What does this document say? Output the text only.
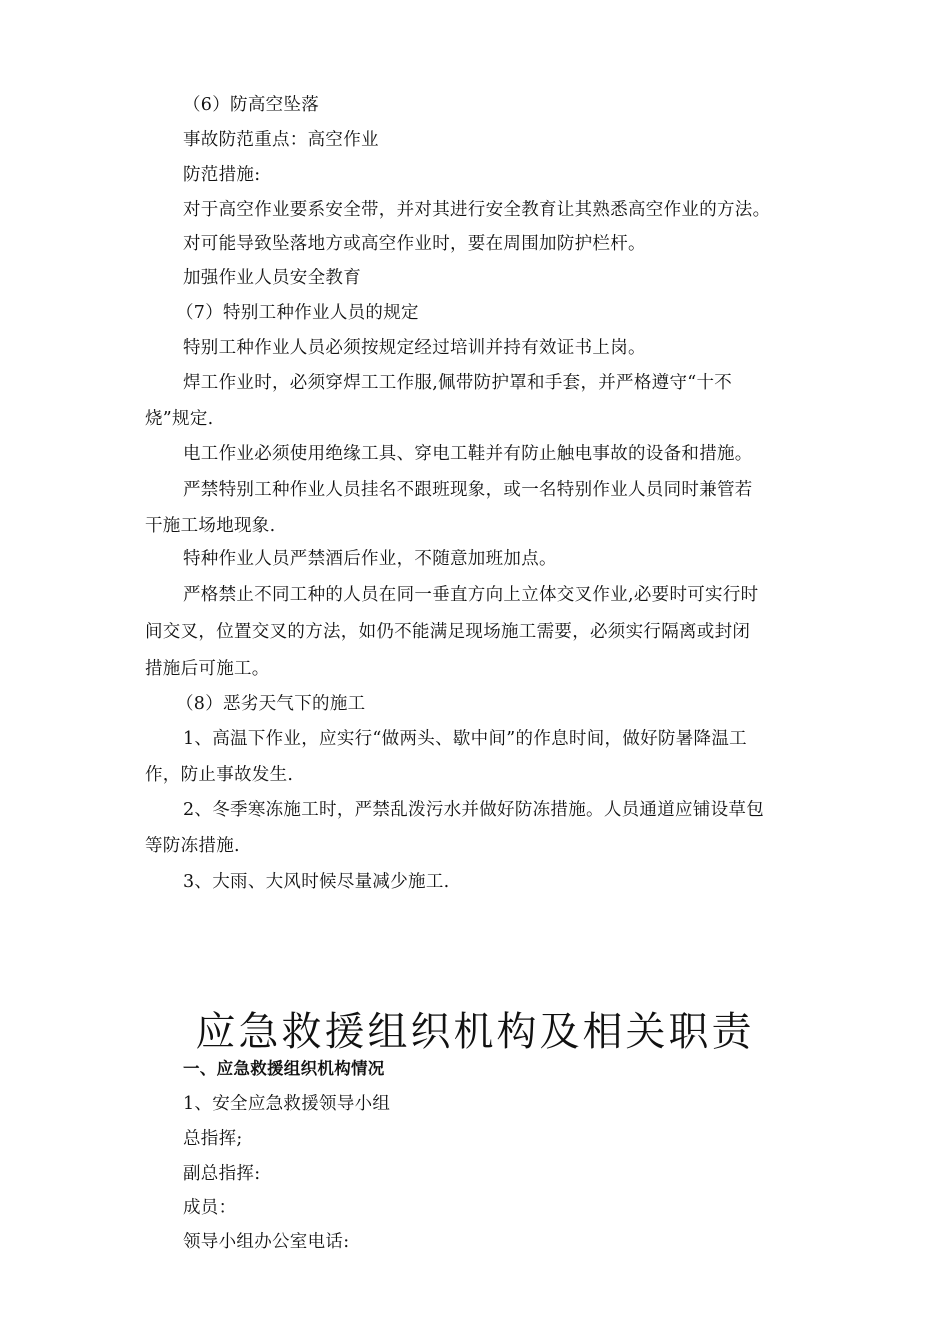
（6）防高空坠落
事故防范重点：高空作业
防范措施:
对于高空作业要系安全带，并对其进行安全教育让其熟悉高空作业的方法。
对可能导致坠落地方或高空作业时，要在周围加防护栏杆。
加强作业人员安全教育
（7）特别工种作业人员的规定
特别工种作业人员必须按规定经过培训并持有效证书上岗。
焊工作业时，必须穿焊工工作服,佩带防护罩和手套，并严格遵守“十不
烧”规定.
电工作业必须使用绝缘工具、穿电工鞋并有防止触电事故的设备和措施。
严禁特别工种作业人员挂名不跟班现象，或一名特别作业人员同时兼管若
干施工场地现象.
特种作业人员严禁酒后作业，不随意加班加点。
严格禁止不同工种的人员在同一垂直方向上立体交叉作业,必要时可实行时
间交叉，位置交叉的方法，如仍不能满足现场施工需要，必须实行隔离或封闭
措施后可施工。
（8）恶劣天气下的施工
1、高温下作业，应实行“做两头、歇中间”的作息时间，做好防暑降温工
作，防止事故发生.
2、冬季寒冻施工时，严禁乱泼污水并做好防冻措施。人员通道应铺设草包
等防冻措施.
3、大雨、大风时候尽量减少施工.
应急救援组织机构及相关职责
一、应急救援组织机构情况
1、安全应急救援领导小组
总指挥;
副总指挥:
成员：
领导小组办公室电话:
